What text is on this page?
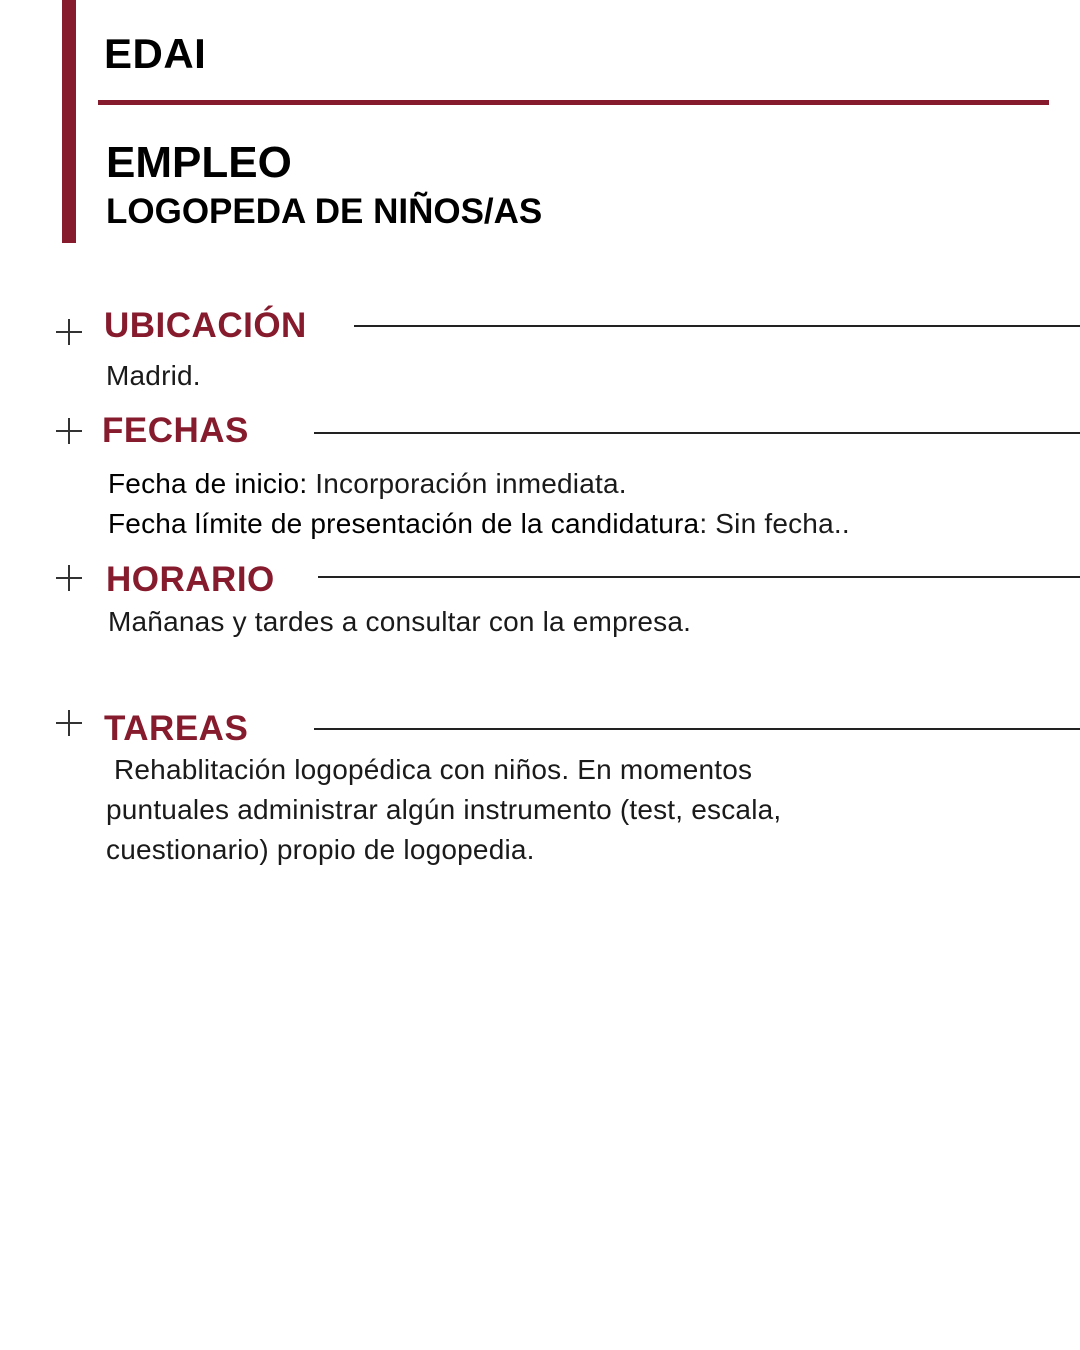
EDAI
EMPLEO
LOGOPEDA DE NIÑOS/AS
UBICACIÓN
Madrid.
FECHAS
Fecha de inicio: Incorporación inmediata.
Fecha límite de presentación de la candidatura: Sin fecha..
HORARIO
Mañanas y tardes a consultar con la empresa.
TAREAS
Rehablitación logopédica con niños. En momentos
puntuales administrar algún instrumento (test, escala,
cuestionario) propio de logopedia.
